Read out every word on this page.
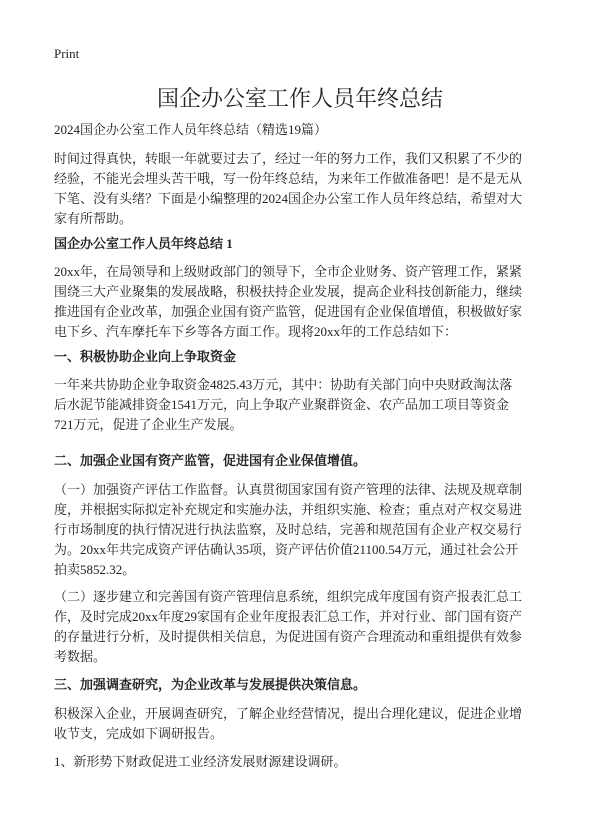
Print
国企办公室工作人员年终总结
2024国企办公室工作人员年终总结（精选19篇）
时间过得真快，转眼一年就要过去了，经过一年的努力工作，我们又积累了不少的
经验，不能光会埋头苦干哦，写一份年终总结，为来年工作做准备吧！是不是无从
下笔、没有头绪？下面是小编整理的2024国企办公室工作人员年终总结，希望对大
家有所帮助。
国企办公室工作人员年终总结 1
20xx年，在局领导和上级财政部门的领导下，全市企业财务、资产管理工作，紧紧
围绕三大产业聚集的发展战略，积极扶持企业发展，提高企业科技创新能力，继续
推进国有企业改革，加强企业国有资产监管，促进国有企业保值增值，积极做好家
电下乡、汽车摩托车下乡等各方面工作。现将20xx年的工作总结如下：
一、积极协助企业向上争取资金
一年来共协助企业争取资金4825.43万元，其中：协助有关部门向中央财政淘汰落
后水泥节能减排资金1541万元，向上争取产业聚群资金、农产品加工项目等资金
721万元，促进了企业生产发展。
二、加强企业国有资产监管，促进国有企业保值增值。
（一）加强资产评估工作监督。认真贯彻国家国有资产管理的法律、法规及规章制
度，并根据实际拟定补充规定和实施办法，并组织实施、检查；重点对产权交易进
行市场制度的执行情况进行执法监察，及时总结，完善和规范国有企业产权交易行
为。20xx年共完成资产评估确认35项，资产评估价值21100.54万元，通过社会公开
拍卖5852.32。
（二）逐步建立和完善国有资产管理信息系统，组织完成年度国有资产报表汇总工
作，及时完成20xx年度29家国有企业年度报表汇总工作，并对行业、部门国有资产
的存量进行分析，及时提供相关信息，为促进国有资产合理流动和重组提供有效参
考数据。
三、加强调查研究，为企业改革与发展提供决策信息。
积极深入企业，开展调查研究，了解企业经营情况，提出合理化建议，促进企业增
收节支，完成如下调研报告。
1、新形势下财政促进工业经济发展财源建设调研。
